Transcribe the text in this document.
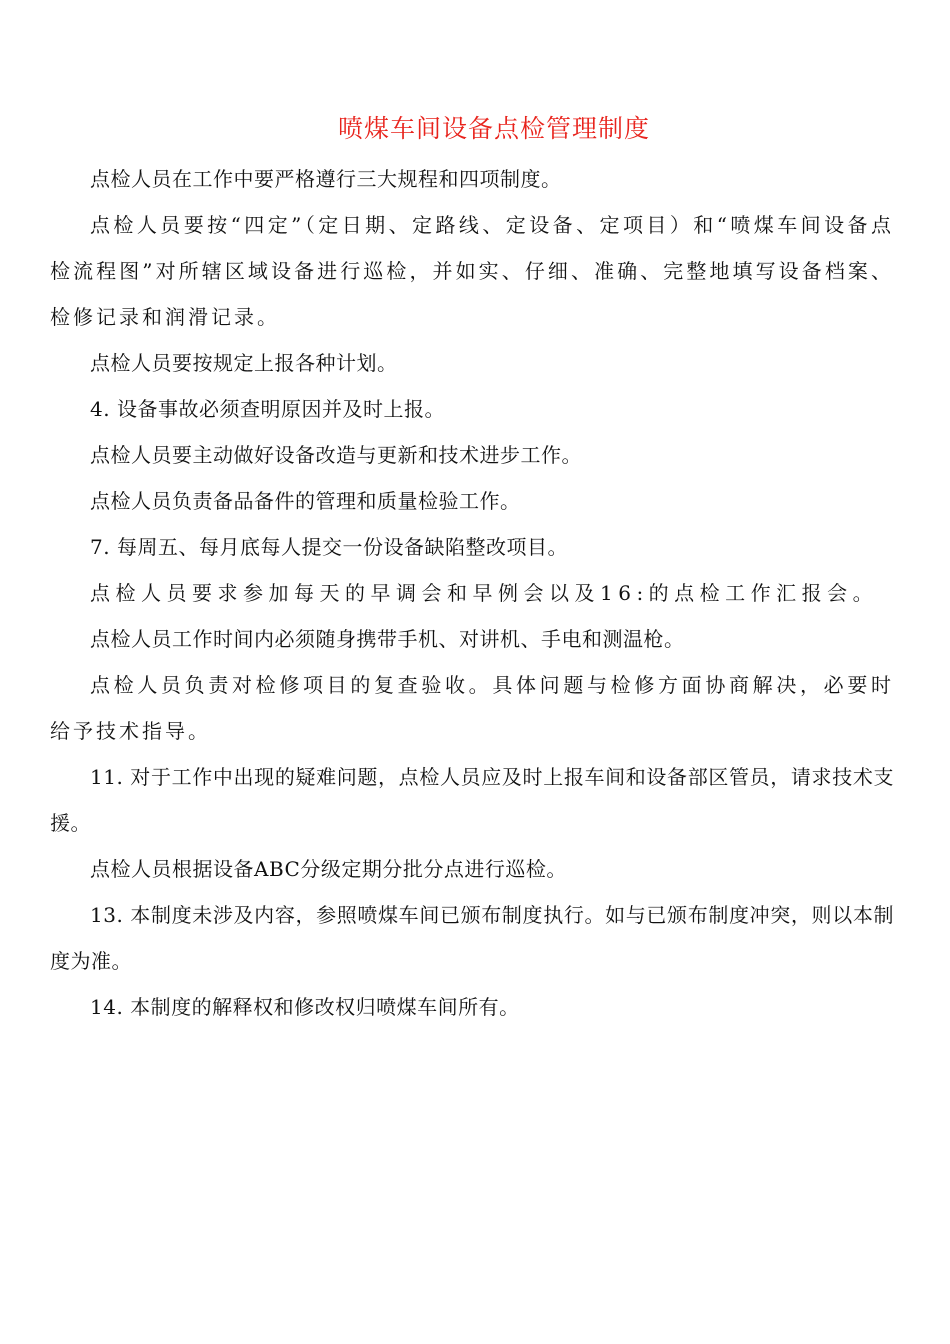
喷煤车间设备点检管理制度

点检人员在工作中要严格遵行三大规程和四项制度。

点检人员要按“四定”（定日期、定路线、定设备、定项目）和“喷煤车间设备点检流程图”对所辖区域设备进行巡检，并如实、仔细、准确、完整地填写设备档案、检修记录和润滑记录。

点检人员要按规定上报各种计划。

4. 设备事故必须查明原因并及时上报。

点检人员要主动做好设备改造与更新和技术进步工作。

点检人员负责备品备件的管理和质量检验工作。

7. 每周五、每月底每人提交一份设备缺陷整改项目。

点检人员要求参加每天的早调会和早例会以及16:的点检工作汇报会。

点检人员工作时间内必须随身携带手机、对讲机、手电和测温枪。

点检人员负责对检修项目的复查验收。具体问题与检修方面协商解决，必要时给予技术指导。

11. 对于工作中出现的疑难问题，点检人员应及时上报车间和设备部区管员，请求技术支援。

点检人员根据设备ABC分级定期分批分点进行巡检。

13. 本制度未涉及内容，参照喷煤车间已颁布制度执行。如与已颁布制度冲突，则以本制度为准。

14. 本制度的解释权和修改权归喷煤车间所有。
